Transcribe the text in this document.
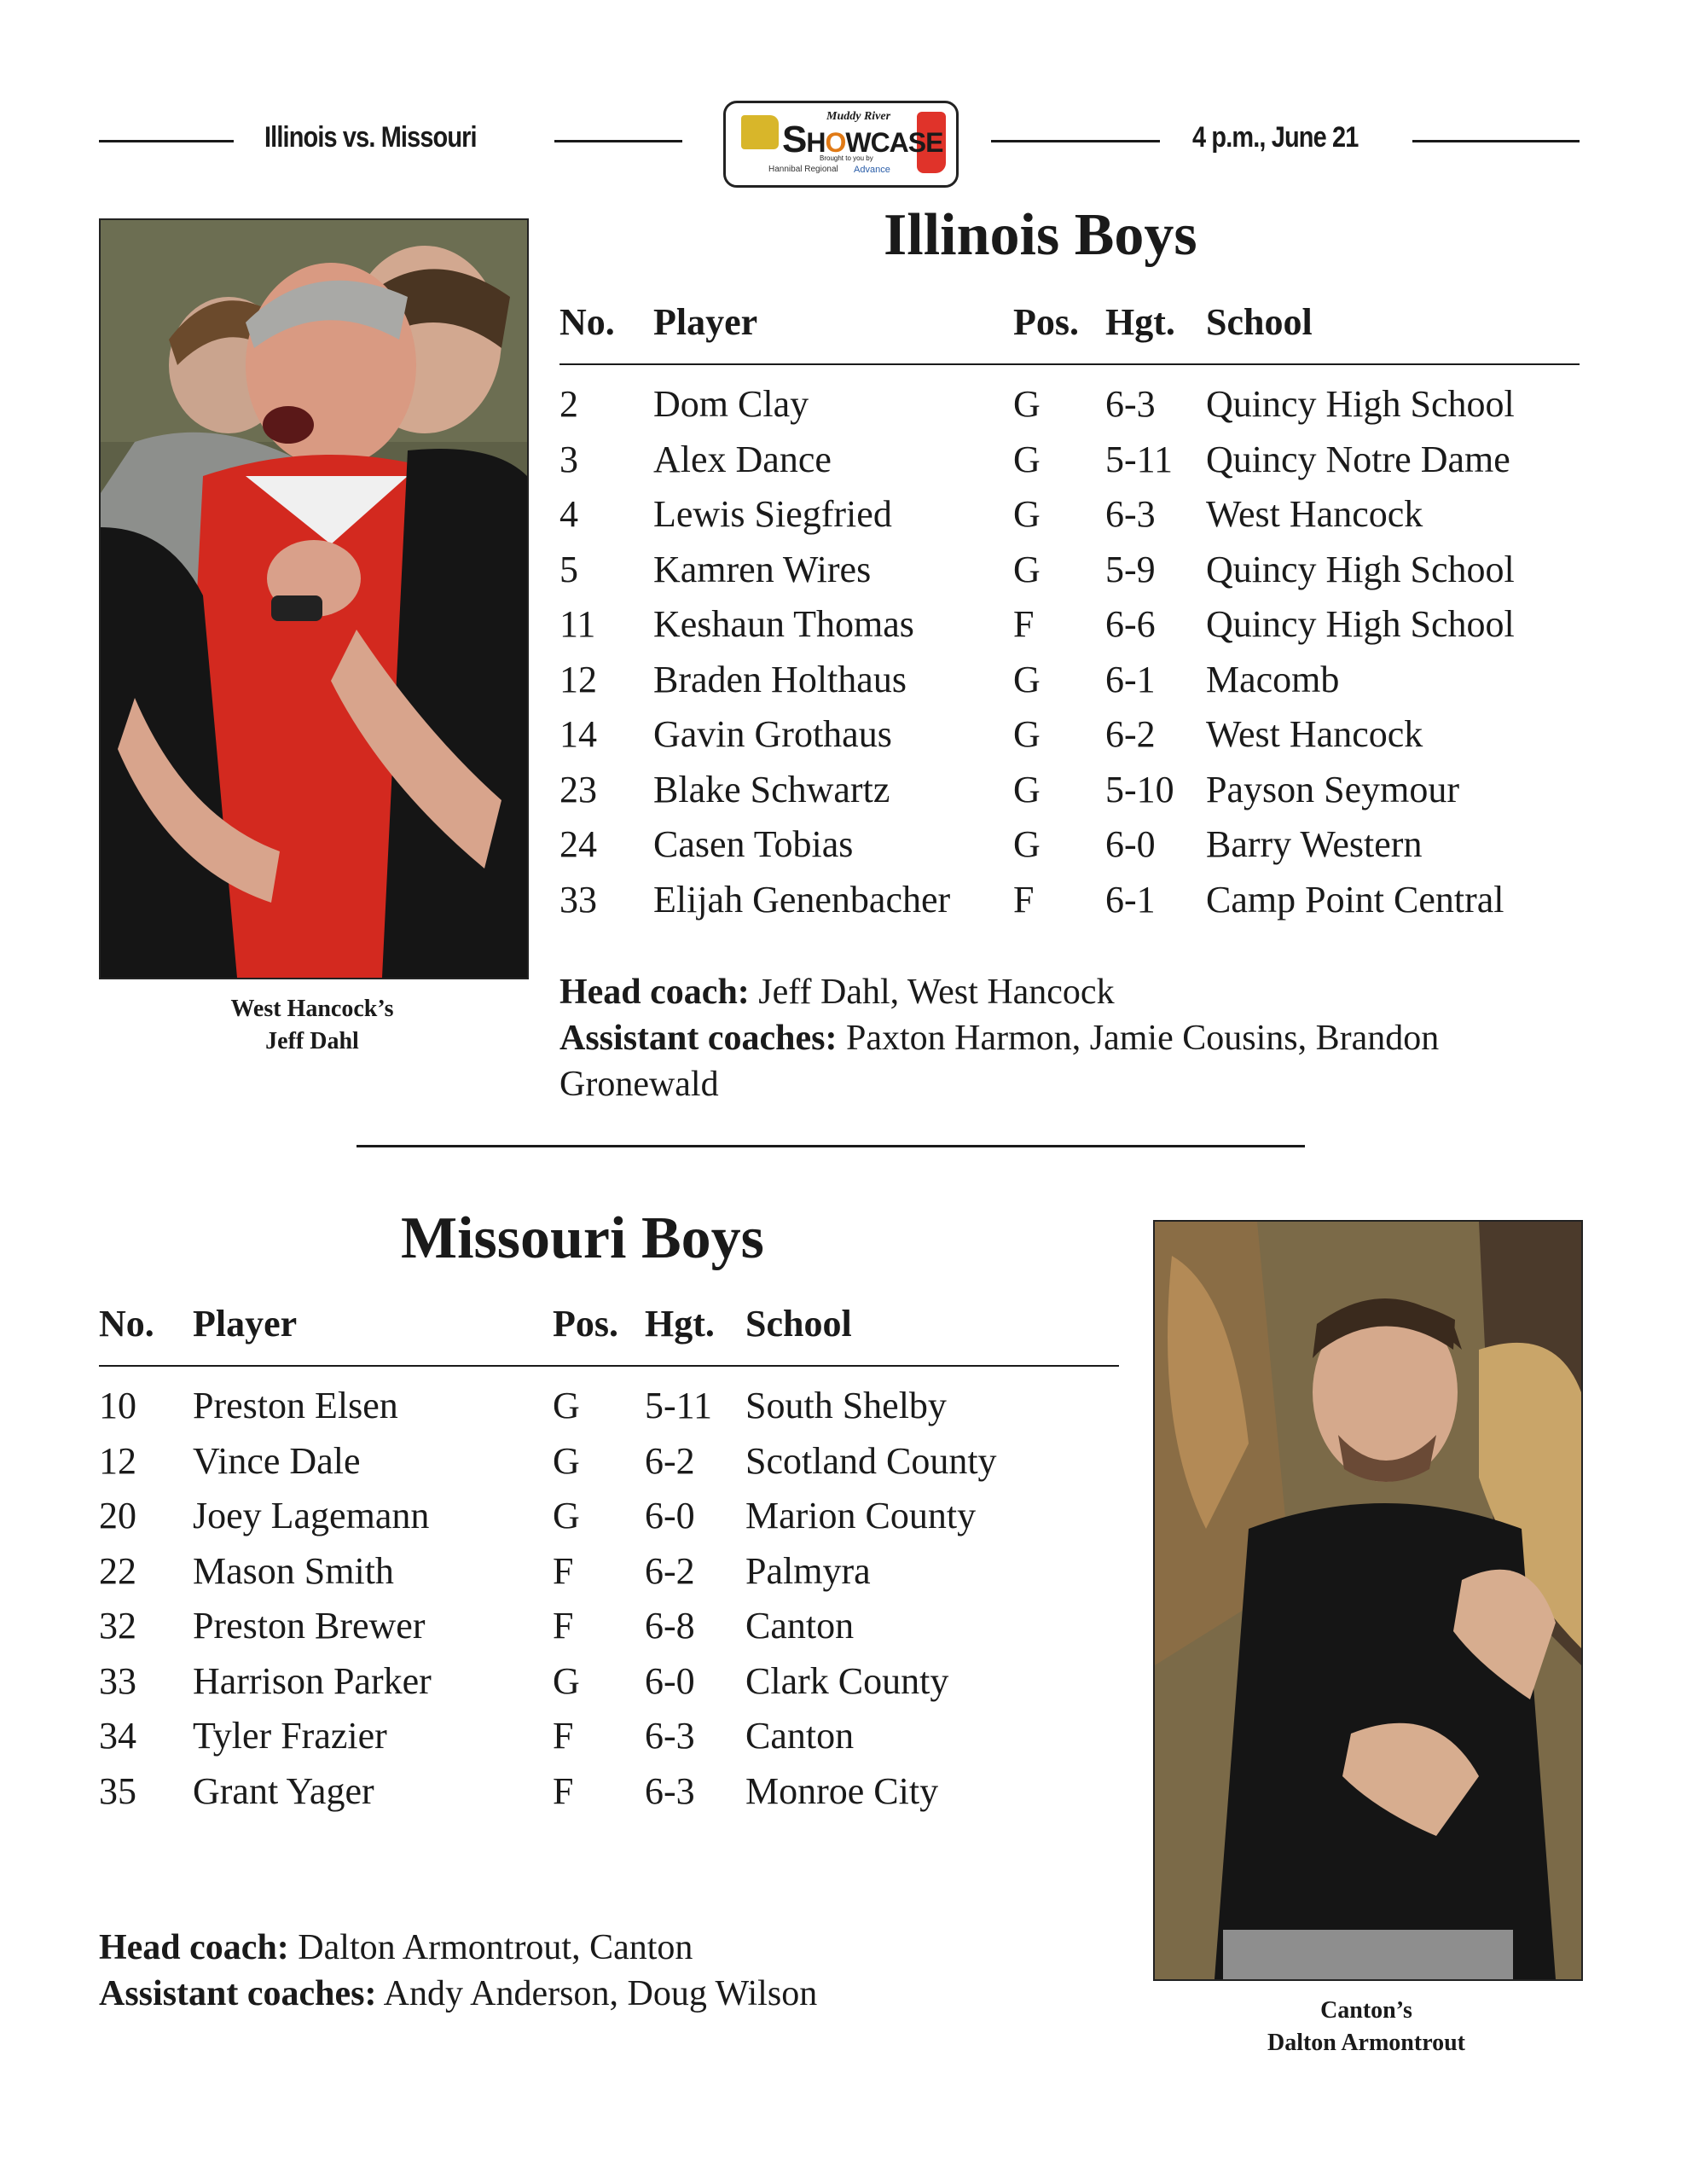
Illinois vs. Missouri
Muddy River
SHOWCASE
Brought to you by
Hannibal Regional Advance
4 p.m., June 21
West Hancock’s
Jeff Dahl
Illinois Boys
No. Player	Pos. Hgt. School
2 Dom Clay	G 6-3 Quincy High School
3 Alex Dance	G 5-11 Quincy Notre Dame
4 Lewis Siegfried	G 6-3 West Hancock
5 Kamren Wires	G 5-9 Quincy High School
11 Keshaun Thomas	F 6-6 Quincy High School
12 Braden Holthaus	G 6-1 Macomb
14 Gavin Grothaus	G 6-2 West Hancock
23 Blake Schwartz	G 5-10 Payson Seymour
24 Casen Tobias	G 6-0 Barry Western
33 Elijah Genenbacher F 6-1 Camp Point Central
Head coach: Jeff Dahl, West Hancock
Assistant coaches: Paxton Harmon, Jamie Cousins, Brandon Gronewald
Missouri Boys
No. Player	Pos. Hgt. School
10 Preston Elsen	G 5-11 South Shelby
12 Vince Dale	G 6-2 Scotland County
20 Joey Lagemann	G 6-0 Marion County
22 Mason Smith	F 6-2 Palmyra
32 Preston Brewer	F 6-8 Canton
33 Harrison Parker	G 6-0 Clark County
34 Tyler Frazier	F 6-3 Canton
35 Grant Yager	F 6-3 Monroe City
Head coach: Dalton Armontrout, Canton
Assistant coaches: Andy Anderson, Doug Wilson	Canton’s
Dalton Armontrout
